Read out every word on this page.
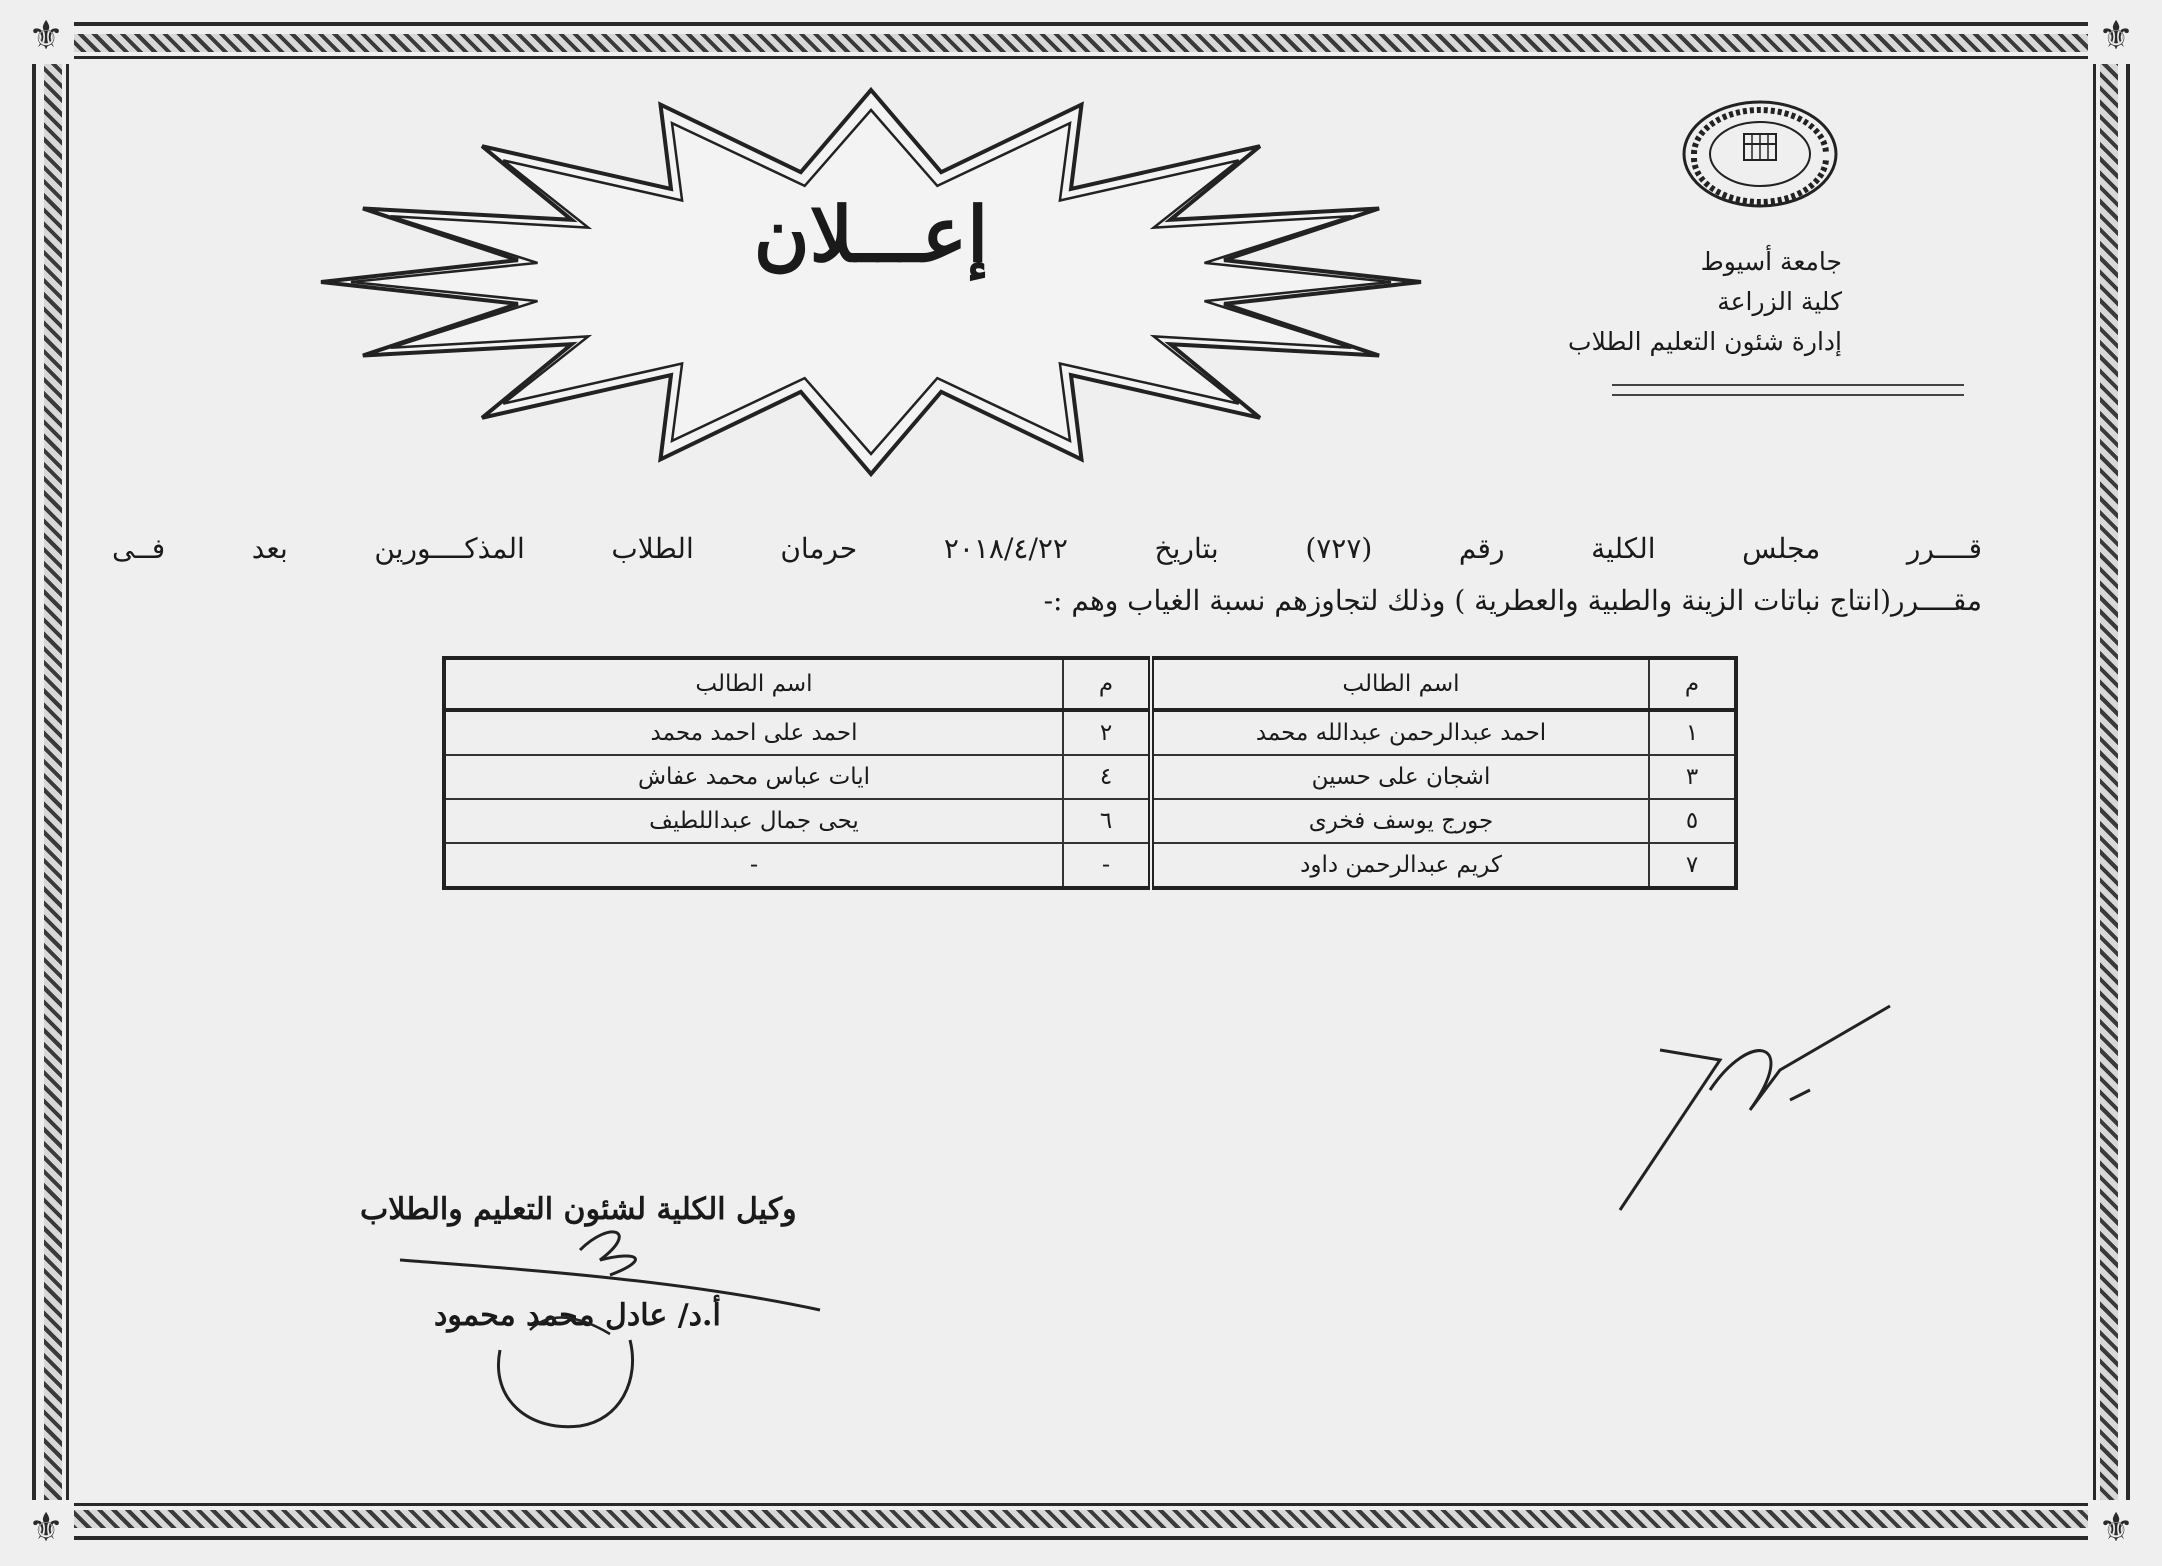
⚜	⚜
⚜	⚜
جامعة أسيوط
كلية الزراعة
إدارة شئون التعليم الطلاب
إعـــلان
قــــرر مجلس الكلية رقم (٧٢٧) بتاريخ ٢٠١٨/٤/٢٢ حرمان الطلاب المذكــــورين بعد فــى
مقــــرر(انتاج نباتات الزينة والطبية والعطرية ) وذلك لتجاوزهم نسبة الغياب وهم :-
م	اسم الطالب	م	اسم الطالب
١	احمد عبدالرحمن عبدالله محمد	٢	احمد على احمد محمد
٣	اشجان على حسين	٤	ايات عباس محمد عفاش
٥	جورج يوسف فخرى	٦	يحى جمال عبداللطيف
٧	كريم عبدالرحمن داود	-	-
وكيل الكلية لشئون التعليم والطلاب
أ.د/ عادل محمد محمود
